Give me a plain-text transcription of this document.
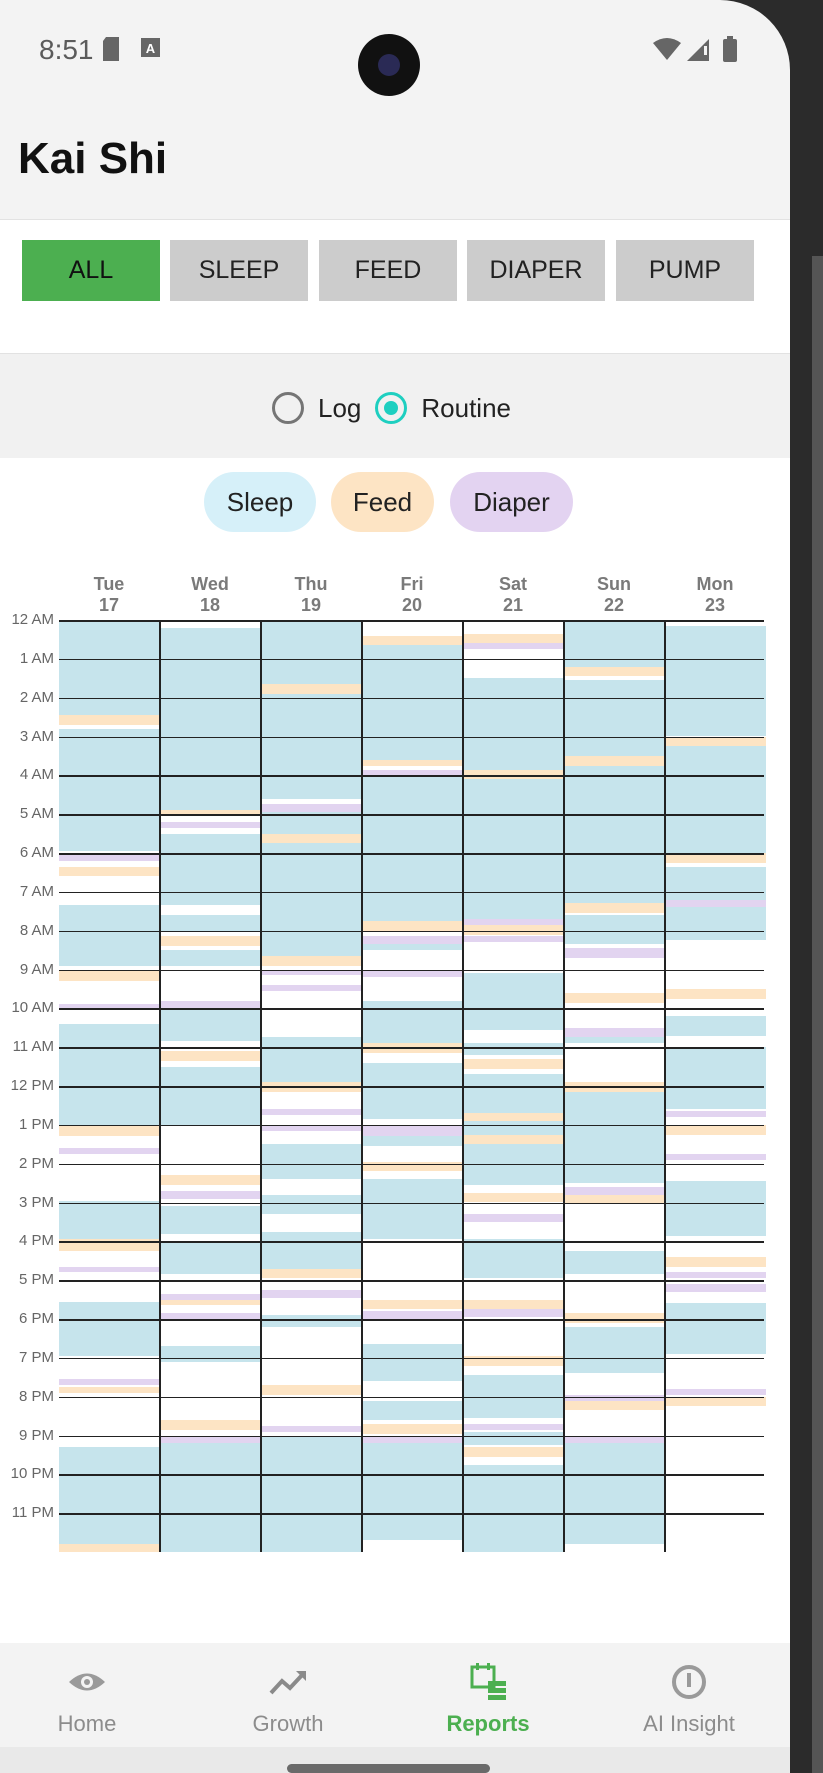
8:51	A
Kai Shi
ALL	SLEEP	FEED	DIAPER	PUMP
Log Routine
Sleep	Feed	Diaper
Tue
17
Wed
18
Thu
19
Fri
20
Sat
21
Sun
22
Mon
23
12 AM
1 AM
2 AM
3 AM
4 AM
5 AM
6 AM
7 AM
8 AM
9 AM
10 AM
11 AM
12 PM
1 PM
2 PM
3 PM
4 PM
5 PM
6 PM
7 PM
8 PM
9 PM
10 PM
11 PM
Home	Growth	Reports	AI Insight
